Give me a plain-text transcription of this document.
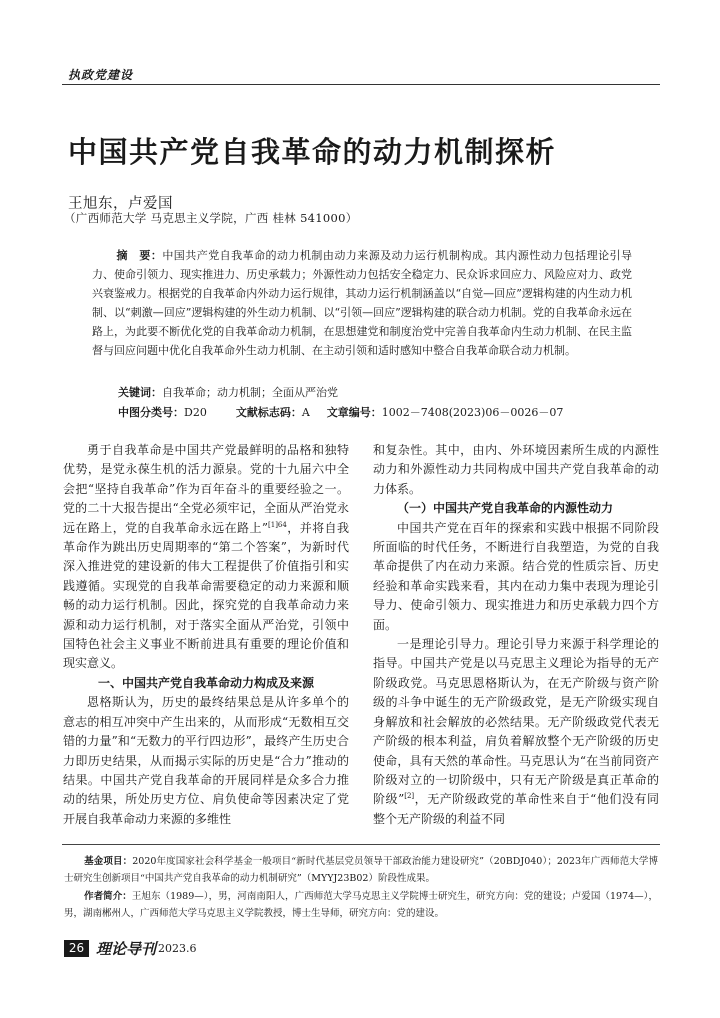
执政党建设
中国共产党自我革命的动力机制探析
王旭东，卢爱国
（广西师范大学 马克思主义学院，广西 桂林 541000）
摘　要：中国共产党自我革命的动力机制由动力来源及动力运行机制构成。其内源性动力包括理论引导力、使命引领力、现实推进力、历史承载力；外源性动力包括安全稳定力、民众诉求回应力、风险应对力、政党兴衰鉴戒力。根据党的自我革命内外动力运行规律，其动力运行机制涵盖以“自觉—回应”逻辑构建的内生动力机制、以“刺激—回应”逻辑构建的外生动力机制、以“引领—回应”逻辑构建的联合动力机制。党的自我革命永远在路上，为此要不断优化党的自我革命动力机制，在思想建党和制度治党中完善自我革命内生动力机制、在民主监督与回应问题中优化自我革命外生动力机制、在主动引领和适时感知中整合自我革命联合动力机制。
关键词：自我革命；动力机制；全面从严治党
中图分类号：D20	文献标志码：A 文章编号：1002－7408(2023)06－0026－07

勇于自我革命是中国共产党最鲜明的品格和独特优势，是党永葆生机的活力源泉。党的十九届六中全会把“坚持自我革命”作为百年奋斗的重要经验之一。党的二十大报告提出“全党必须牢记，全面从严治党永远在路上，党的自我革命永远在路上”$^{[1]64}$，并将自我革命作为跳出历史周期率的“第二个答案”，为新时代深入推进党的建设新的伟大工程提供了价值指引和实践遵循。实现党的自我革命需要稳定的动力来源和顺畅的动力运行机制。因此，探究党的自我革命动力来源和动力运行机制，对于落实全面从严治党，引领中国特色社会主义事业不断前进具有重要的理论价值和现实意义。

一、中国共产党自我革命动力构成及来源

恩格斯认为，历史的最终结果总是从许多单个的意志的相互冲突中产生出来的，从而形成“无数相互交错的力量”和“无数力的平行四边形”，最终产生历史合力即历史结果，从而揭示实际的历史是“合力”推动的结果。中国共产党自我革命的开展同样是众多合力推动的结果，所处历史方位、肩负使命等因素决定了党开展自我革命动力来源的多维性

和复杂性。其中，由内、外环境因素所生成的内源性动力和外源性动力共同构成中国共产党自我革命的动力体系。

（一）中国共产党自我革命的内源性动力

中国共产党在百年的探索和实践中根据不同阶段所面临的时代任务，不断进行自我塑造，为党的自我革命提供了内在动力来源。结合党的性质宗旨、历史经验和革命实践来看，其内在动力集中表现为理论引导力、使命引领力、现实推进力和历史承载力四个方面。

一是理论引导力。理论引导力来源于科学理论的指导。中国共产党是以马克思主义理论为指导的无产阶级政党。马克思恩格斯认为，在无产阶级与资产阶级的斗争中诞生的无产阶级政党，是无产阶级实现自身解放和社会解放的必然结果。无产阶级政党代表无产阶级的根本利益，肩负着解放整个无产阶级的历史使命，具有天然的革命性。马克思认为“在当前同资产阶级对立的一切阶级中，只有无产阶级是真正革命的阶级”[2]，无产阶级政党的革命性来自于“他们没有同整个无产阶级的利益不同

基金项目：2020年度国家社会科学基金一般项目“新时代基层党员领导干部政治能力建设研究”（20BDJ040）；2023年广西师范大学博士研究生创新项目“中国共产党自我革命的动力机制研究”（MYYJ23B02）阶段性成果。
作者简介：王旭东（1989—），男，河南南阳人，广西师范大学马克思主义学院博士研究生，研究方向：党的建设；卢爱国（1974—），男，湖南郴州人，广西师范大学马克思主义学院教授，博士生导师，研究方向：党的建设。
26 理论导刊 2023.6
